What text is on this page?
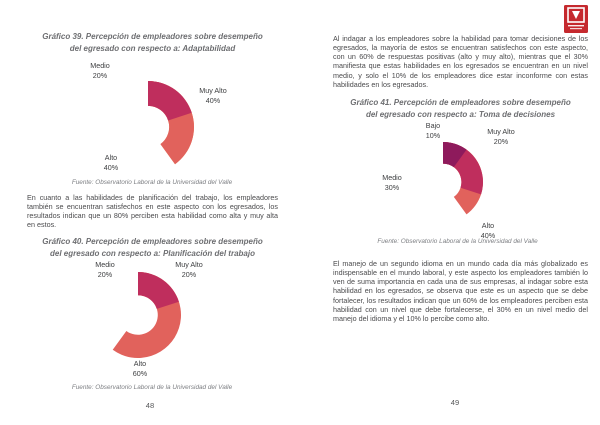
Gráfico 39. Percepción de empleadores sobre desempeño
del egresado con respecto a: Adaptabilidad
Medio
20%
Muy Alto
40%
Alto
40%
Fuente: Observatorio Laboral de la Universidad del Valle
En cuanto a las habilidades de planificación del trabajo, los empleadores también se encuentran satisfechos en este aspecto con los egresados, los resultados indican que un 80% perciben esta habilidad como alta y muy alta en estos.
Gráfico 40. Percepción de empleadores sobre desempeño
del egresado con respecto a: Planificación del trabajo
Medio
20%
Muy Alto
20%
Alto
60%
Fuente: Observatorio Laboral de la Universidad del Valle
48
Al indagar a los empleadores sobre la habilidad para tomar decisiones de los egresados, la mayoría de estos se encuentran satisfechos con este aspecto, con un 60% de respuestas positivas (alto y muy alto), mientras que el 30% manifiesta que estas habilidades en los egresados se encuentran en un nivel medio, y solo el 10% de los empleadores dice estar inconforme con estas habilidades en los egresados.
Gráfico 41. Percepción de empleadores sobre desempeño
del egresado con respecto a: Toma de decisiones
Bajo
10%	Muy Alto
20%
Medio
30%
Alto
40%
Fuente: Observatorio Laboral de la Universidad del Valle
El manejo de un segundo idioma en un mundo cada día más globalizado es indispensable en el mundo laboral, y este aspecto los empleadores también lo ven de suma importancia en cada una de sus empresas, al indagar sobre esta habilidad en los egresados, se observa que este es un aspecto que se debe fortalecer, los resultados indican que un 60% de los empleadores perciben esta habilidad con un nivel que debe fortalecerse, el 30% en un nivel medio del manejo del idioma y el 10% lo percibe como alto.
49
